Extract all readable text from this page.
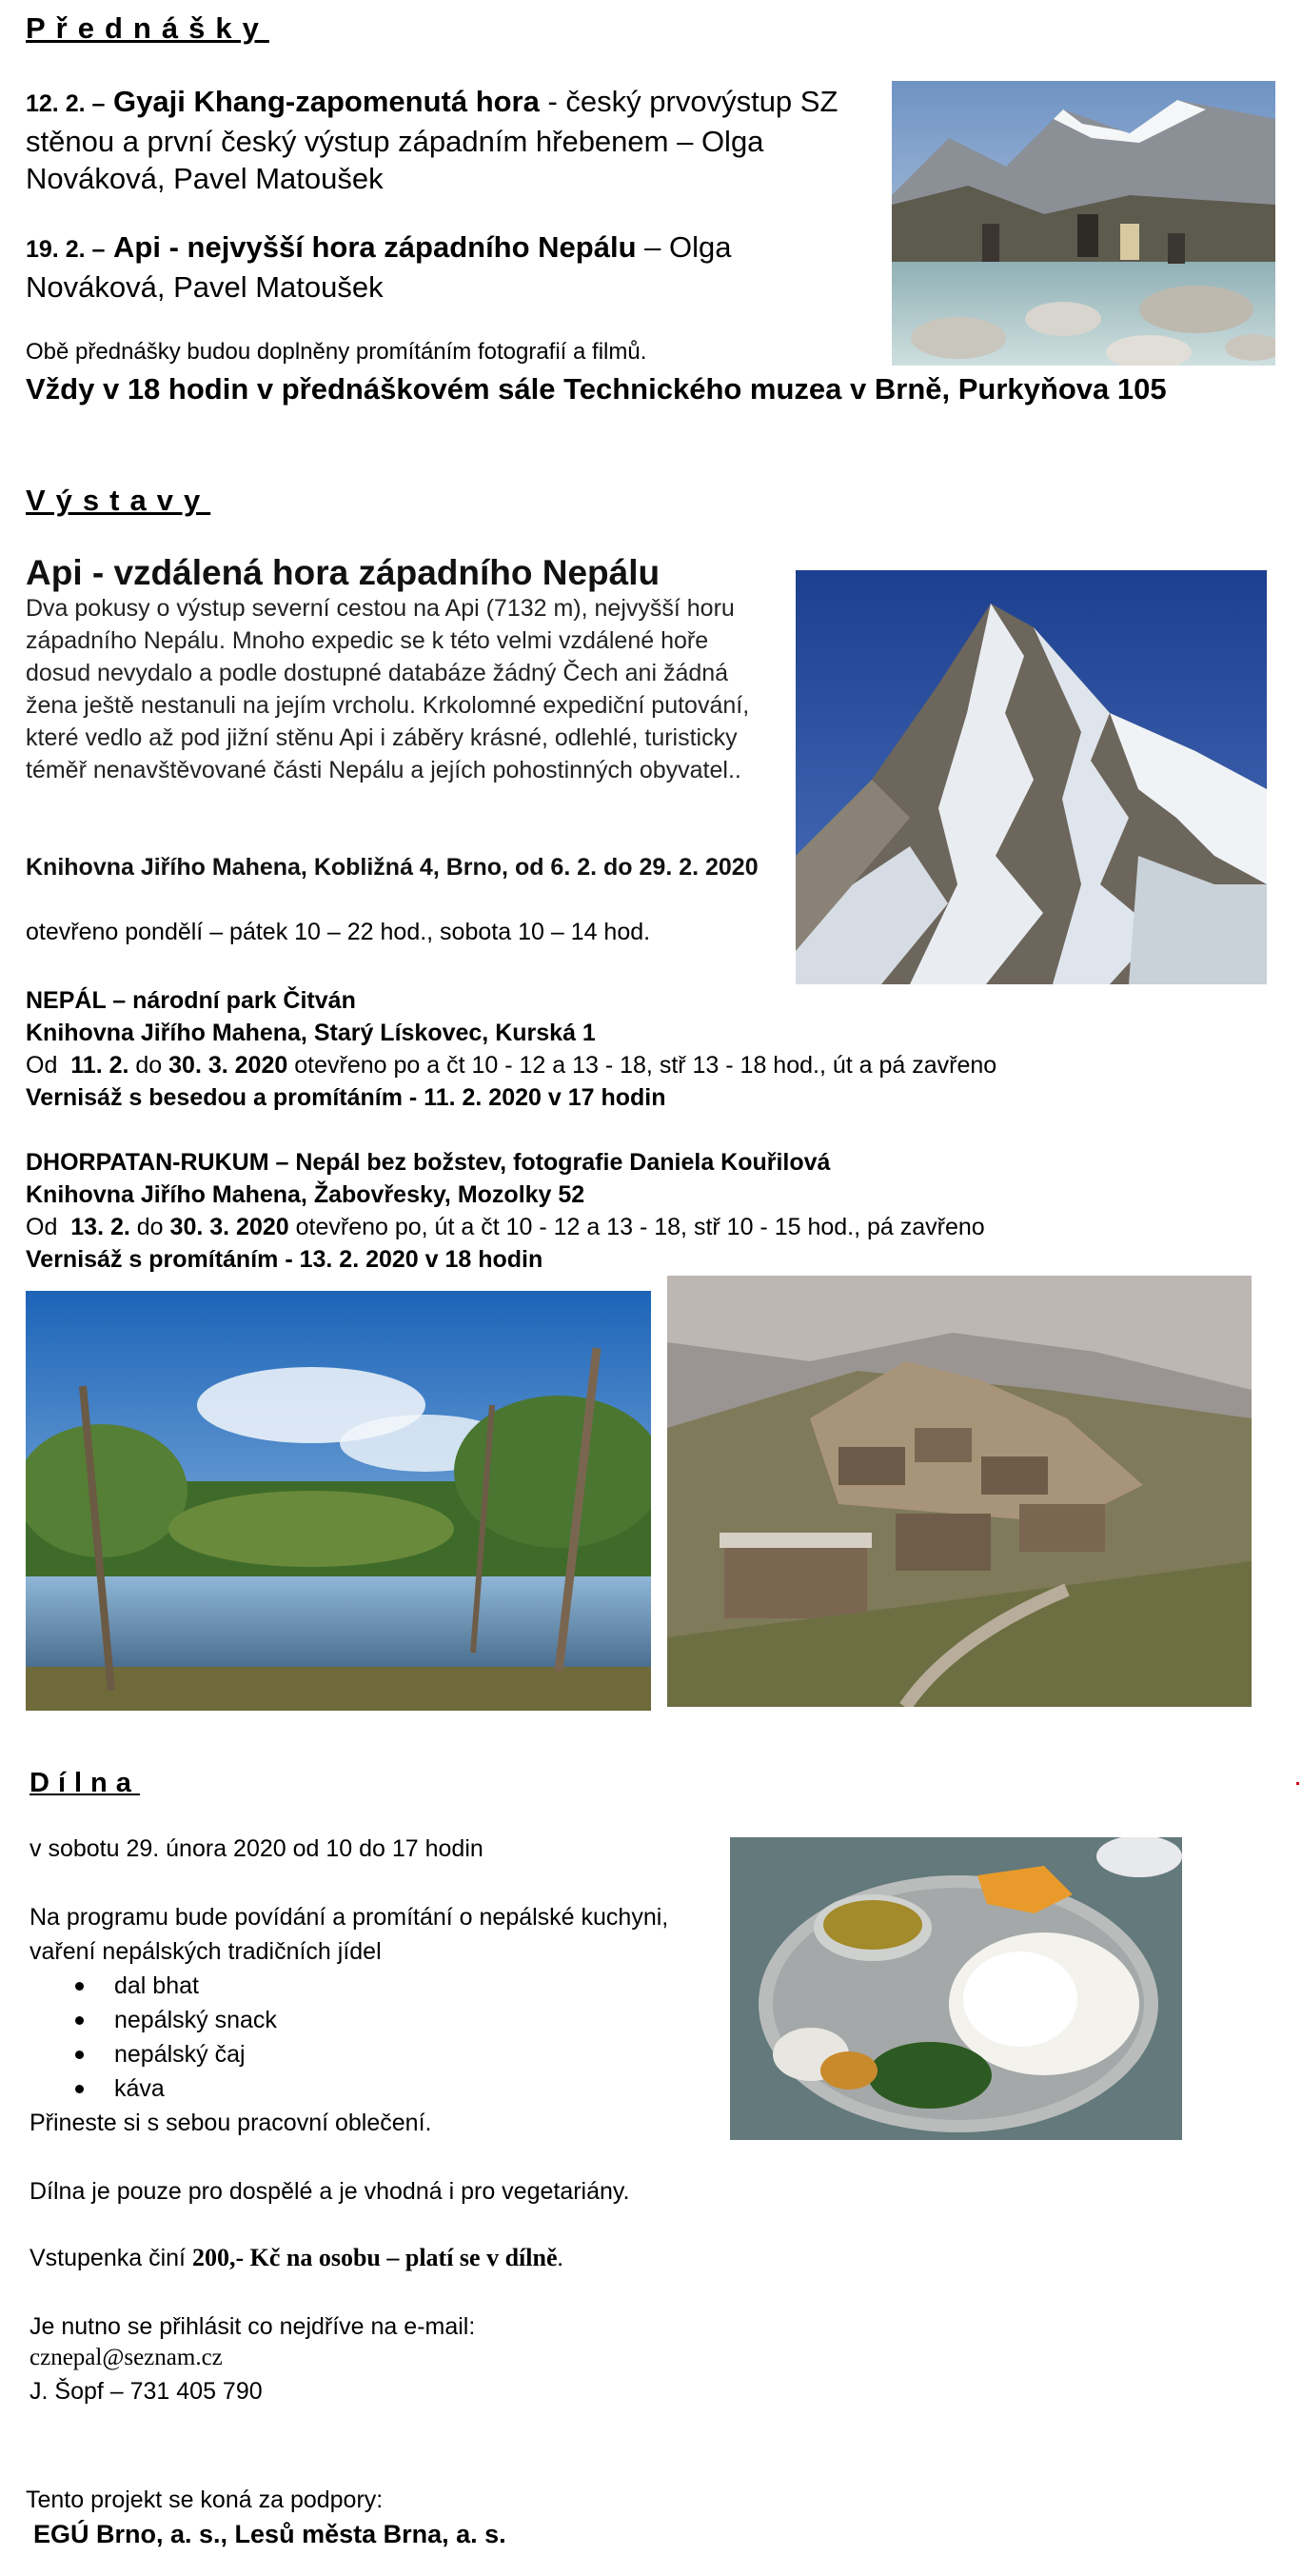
Přednášky
12. 2. – Gyaji Khang-zapomenutá hora - český prvovýstup SZ stěnou a první český výstup západním hřebenem – Olga Nováková, Pavel Matoušek
19. 2. – Api - nejvyšší hora západního Nepálu – Olga Nováková, Pavel Matoušek
Obě přednášky budou doplněny promítáním fotografií a filmů.
Vždy v 18 hodin v přednáškovém sále Technického muzea v Brně, Purkyňova 105
Výstavy
Api - vzdálená hora západního Nepálu
Dva pokusy o výstup severní cestou na Api (7132 m), nejvyšší horu západního Nepálu. Mnoho expedic se k této velmi vzdálené hoře dosud nevydalo a podle dostupné databáze žádný Čech ani žádná žena ještě nestanuli na jejím vrcholu. Krkolomné expediční putování, které vedlo až pod jižní stěnu Api i záběry krásné, odlehlé, turisticky téměř nenavštěvované části Nepálu a jejích pohostinných obyvatel..
Knihovna Jiřího Mahena, Kobližná 4, Brno, od 6. 2. do 29. 2. 2020
otevřeno pondělí – pátek 10 – 22 hod., sobota 10 – 14 hod.
NEPÁL – národní park Čitván
Knihovna Jiřího Mahena, Starý Lískovec, Kurská 1
Od 11. 2. do 30. 3. 2020 otevřeno po a čt 10 - 12 a 13 - 18, stř 13 - 18 hod., út a pá zavřeno
Vernisáž s besedou a promítáním - 11. 2. 2020 v 17 hodin
DHORPATAN-RUKUM – Nepál bez božstev, fotografie Daniela Kouřilová
Knihovna Jiřího Mahena, Žabovřesky, Mozolky 52
Od 13. 2. do 30. 3. 2020 otevřeno po, út a čt 10 - 12 a 13 - 18, stř 10 - 15 hod., pá zavřeno
Vernisáž s promítáním - 13. 2. 2020 v 18 hodin
Dílna
v sobotu 29. února 2020 od 10 do 17 hodin
Na programu bude povídání a promítání o nepálské kuchyni, vaření nepálských tradičních jídel
dal bhat
nepálský snack
nepálský čaj
káva
Přineste si s sebou pracovní oblečení.
Dílna je pouze pro dospělé a je vhodná i pro vegetariány.
Vstupenka činí 200,- Kč na osobu – platí se v dílně.
Je nutno se přihlásit co nejdříve na e-mail:
cznepal@seznam.cz
J. Šopf – 731 405 790
Tento projekt se koná za podpory:
EGÚ Brno, a. s., Lesů města Brna, a. s.
